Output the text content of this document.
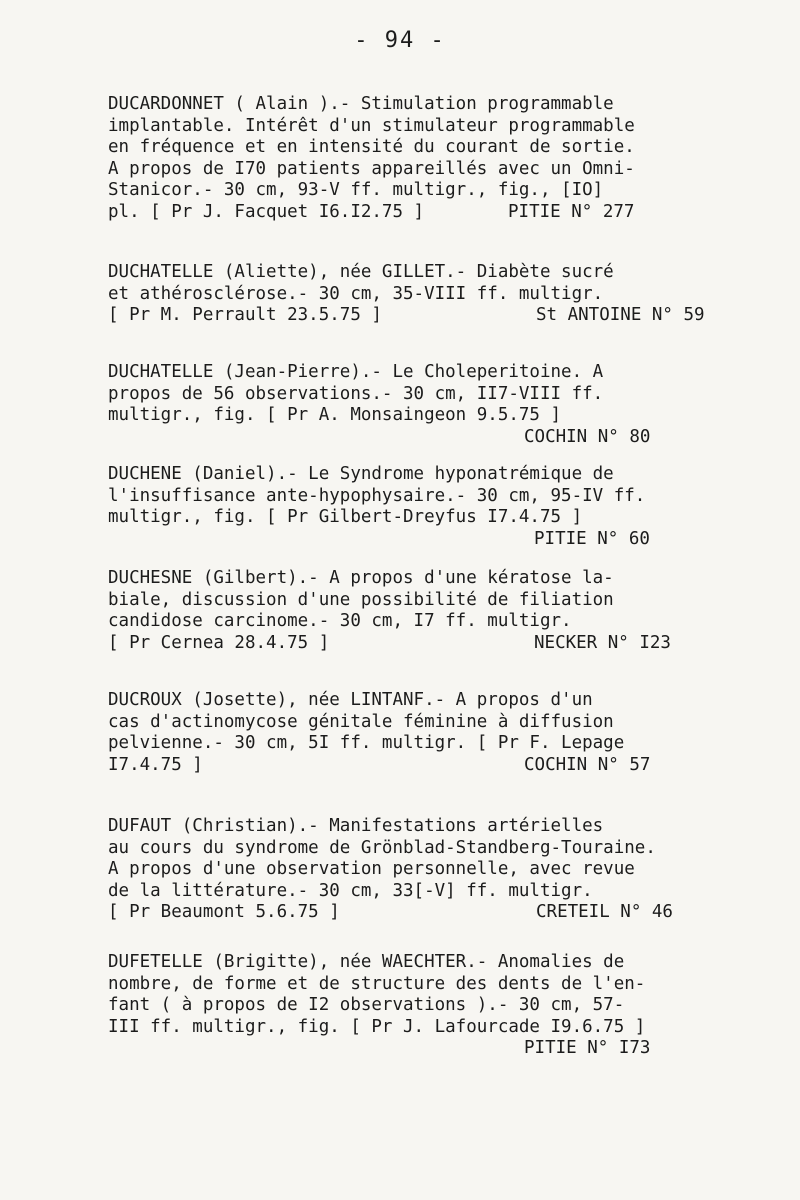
- 94 -
DUCARDONNET ( Alain ).- Stimulation programmable
implantable. Intérêt d'un stimulateur programmable
en fréquence et en intensité du courant de sortie.
A propos de I70 patients appareillés avec un Omni-
Stanicor.- 30 cm, 93-V ff. multigr., fig., [IO]
pl. [ Pr J. Facquet I6.I2.75 ]	PITIE N° 277
DUCHATELLE (Aliette), née GILLET.- Diabète sucré
et athérosclérose.- 30 cm, 35-VIII ff. multigr.
[ Pr M. Perrault 23.5.75 ]	St ANTOINE N° 59
DUCHATELLE (Jean-Pierre).- Le Choleperitoine. A
propos de 56 observations.- 30 cm, II7-VIII ff.
multigr., fig. [ Pr A. Monsaingeon 9.5.75 ]
COCHIN N° 80
DUCHENE (Daniel).- Le Syndrome hyponatrémique de
l'insuffisance ante-hypophysaire.- 30 cm, 95-IV ff.
multigr., fig. [ Pr Gilbert-Dreyfus I7.4.75 ]
PITIE N° 60
DUCHESNE (Gilbert).- A propos d'une kératose la-
biale, discussion d'une possibilité de filiation
candidose carcinome.- 30 cm, I7 ff. multigr.
[ Pr Cernea 28.4.75 ]	NECKER N° I23
DUCROUX (Josette), née LINTANF.- A propos d'un
cas d'actinomycose génitale féminine à diffusion
pelvienne.- 30 cm, 5I ff. multigr. [ Pr F. Lepage
I7.4.75 ]	COCHIN N° 57
DUFAUT (Christian).- Manifestations artérielles
au cours du syndrome de Grönblad-Standberg-Touraine.
A propos d'une observation personnelle, avec revue
de la littérature.- 30 cm, 33[-V] ff. multigr.
[ Pr Beaumont 5.6.75 ]	CRETEIL N° 46
DUFETELLE (Brigitte), née WAECHTER.- Anomalies de
nombre, de forme et de structure des dents de l'en-
fant ( à propos de I2 observations ).- 30 cm, 57-
III ff. multigr., fig. [ Pr J. Lafourcade I9.6.75 ]
PITIE N° I73
